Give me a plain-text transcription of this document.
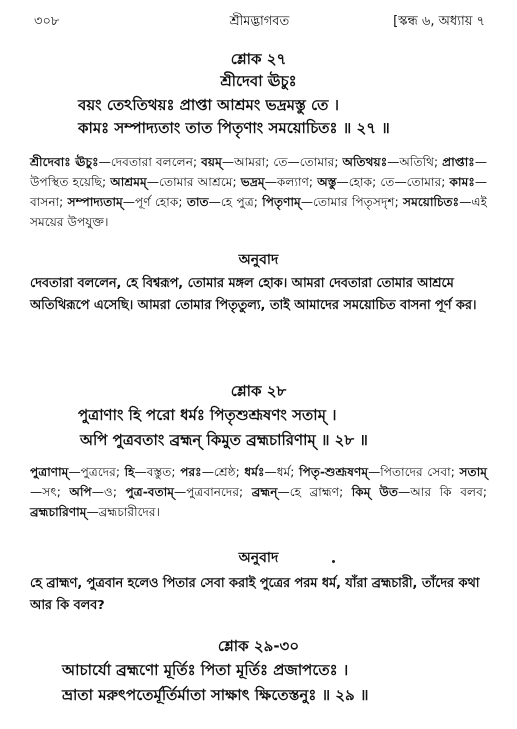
৩০৮	শ্রীমদ্ভাগবত	[স্কন্ধ ৬, অধ্যায় ৭
শ্লোক ২৭
শ্রীদেবা ঊচুঃ
বয়ং তেঽতিথয়ঃ প্রাপ্তা আশ্রমং ভদ্রমস্তু তে ।
কামঃ সম্পাদ্যতাং তাত পিতৃণাং সময়োচিতঃ ॥ ২৭ ॥
শ্রীদেবাঃ ঊচুঃ—দেবতারা বললেন; বয়ম্—আমরা; তে—তোমার; অতিথয়ঃ—অতিথি; প্রাপ্তাঃ—উপস্থিত হয়েছি; আশ্রমম্—তোমার আশ্রমে; ভদ্রম্—কল্যাণ; অস্তু—হোক; তে—তোমার; কামঃ—বাসনা; সম্পাদ্যতাম্—পূর্ণ হোক; তাত—হে পুত্র; পিতৃণাম্—তোমার পিতৃসদৃশ; সময়োচিতঃ—এই সময়ের উপযুক্ত।
অনুবাদ
দেবতারা বললেন, হে বিশ্বরূপ, তোমার মঙ্গল হোক। আমরা দেবতারা তোমার আশ্রমে অতিথিরূপে এসেছি। আমরা তোমার পিতৃতুল্য, তাই আমাদের সময়োচিত বাসনা পূর্ণ কর।
শ্লোক ২৮
পুত্রাণাং হি পরো ধর্মঃ পিতৃশুশ্রূষণং সতাম্ ।
অপি পুত্রবতাং ব্রহ্মন্ কিমুত ব্রহ্মচারিণাম্ ॥ ২৮ ॥
পুত্রাণাম্—পুত্রদের; হি—বস্তুত; পরঃ—শ্রেষ্ঠ; ধর্মঃ—ধর্ম; পিতৃ-শুশ্রূষণম্—পিতাদের সেবা; সতাম্—সৎ; অপি—ও; পুত্র-বতাম্—পুত্রবানদের; ব্রহ্মন্—হে ব্রাহ্মণ; কিম্ উত—আর কি বলব; ব্রহ্মচারিণাম্—ব্রহ্মচারীদের।
অনুবাদ
হে ব্রাহ্মণ, পুত্রবান হলেও পিতার সেবা করাই পুত্রের পরম ধর্ম, যাঁরা ব্রহ্মচারী, তাঁদের কথা আর কি বলব?
শ্লোক ২৯-৩০
আচার্যো ব্রহ্মণো মূর্তিঃ পিতা মূর্তিঃ প্রজাপতেঃ ।
ভ্রাতা মরুৎপতের্মূর্তির্মাতা সাক্ষাৎ ক্ষিতেস্তনুঃ ॥ ২৯ ॥
